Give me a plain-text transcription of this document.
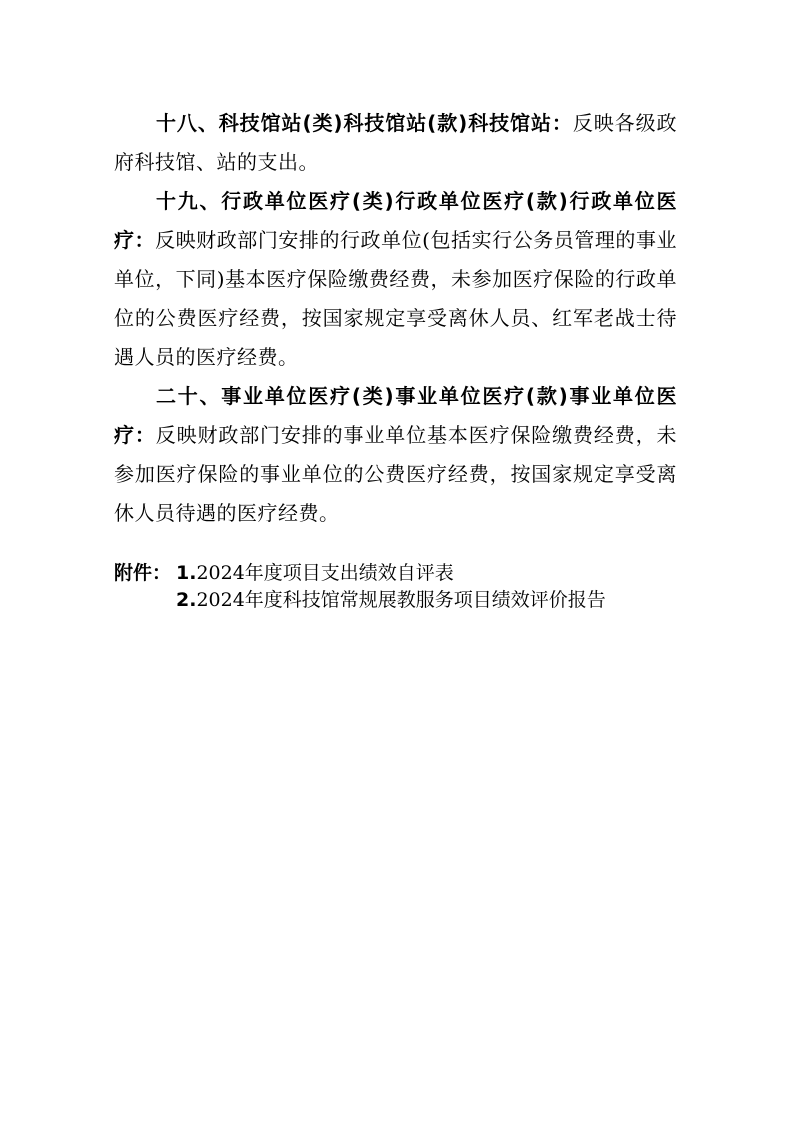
十八、科技馆站(类)科技馆站(款)科技馆站：反映各级政府科技馆、站的支出。

十九、行政单位医疗(类)行政单位医疗(款)行政单位医疗：反映财政部门安排的行政单位(包括实行公务员管理的事业单位，下同)基本医疗保险缴费经费，未参加医疗保险的行政单位的公费医疗经费，按国家规定享受离休人员、红军老战士待遇人员的医疗经费。

二十、事业单位医疗(类)事业单位医疗(款)事业单位医疗：反映财政部门安排的事业单位基本医疗保险缴费经费，未参加医疗保险的事业单位的公费医疗经费，按国家规定享受离休人员待遇的医疗经费。

附件： 1. 2024年度项目支出绩效自评表
2. 2024年度科技馆常规展教服务项目绩效评价报告
